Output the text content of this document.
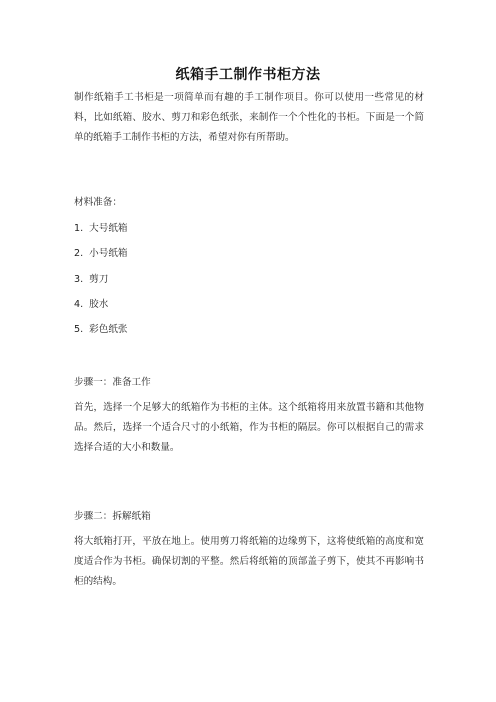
纸箱手工制作书柜方法

制作纸箱手工书柜是一项简单而有趣的手工制作项目。你可以使用一些常见的材料，比如纸箱、胶水、剪刀和彩色纸张，来制作一个个性化的书柜。下面是一个简单的纸箱手工制作书柜的方法，希望对你有所帮助。

材料准备：
1. 大号纸箱
2. 小号纸箱
3. 剪刀
4. 胶水
5. 彩色纸张
步骤一：准备工作

首先，选择一个足够大的纸箱作为书柜的主体。这个纸箱将用来放置书籍和其他物品。然后，选择一个适合尺寸的小纸箱，作为书柜的隔层。你可以根据自己的需求选择合适的大小和数量。

步骤二：拆解纸箱

将大纸箱打开，平放在地上。使用剪刀将纸箱的边缘剪下，这将使纸箱的高度和宽度适合作为书柜。确保切割的平整。然后将纸箱的顶部盖子剪下，使其不再影响书柜的结构。
